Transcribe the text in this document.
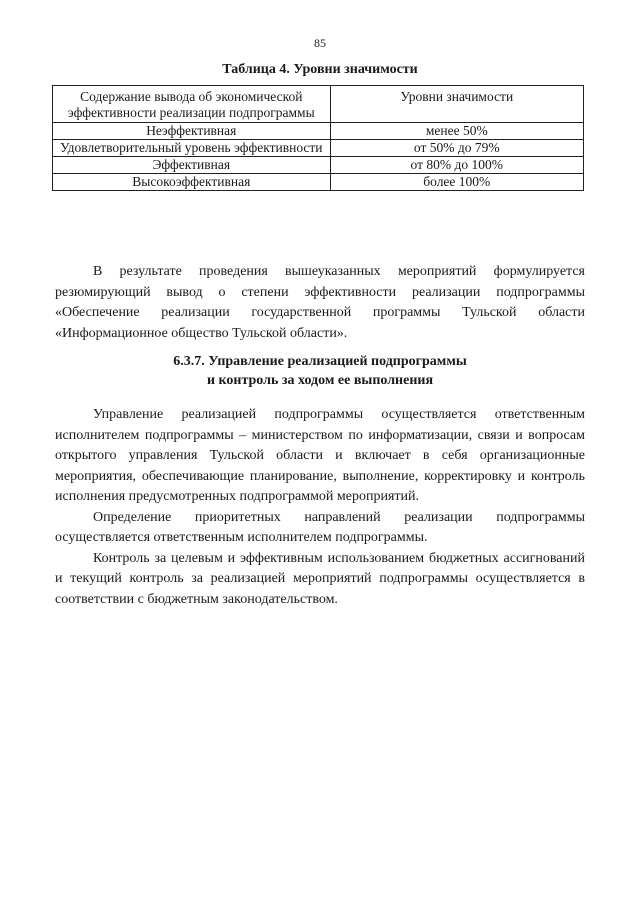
85
Таблица 4. Уровни значимости
Содержание вывода об экономической эффективности реализации подпрограммы	Уровни значимости
Неэффективная	менее 50%
Удовлетворительный уровень эффективности	от 50% до 79%
Эффективная	от 80% до 100%
Высокоэффективная	более 100%

В результате проведения вышеуказанных мероприятий формулируется резюмирующий вывод о степени эффективности реализации подпрограммы «Обеспечение реализации государственной программы Тульской области «Информационное общество Тульской области».

6.3.7. Управление реализацией подпрограммы
и контроль за ходом ее выполнения

Управление реализацией подпрограммы осуществляется ответственным исполнителем подпрограммы – министерством по информатизации, связи и вопросам открытого управления Тульской области и включает в себя организационные мероприятия, обеспечивающие планирование, выполнение, корректировку и контроль исполнения предусмотренных подпрограммой мероприятий.

Определение приоритетных направлений реализации подпрограммы осуществляется ответственным исполнителем подпрограммы.

Контроль за целевым и эффективным использованием бюджетных ассигнований и текущий контроль за реализацией мероприятий подпрограммы осуществляется в соответствии с бюджетным законодательством.
